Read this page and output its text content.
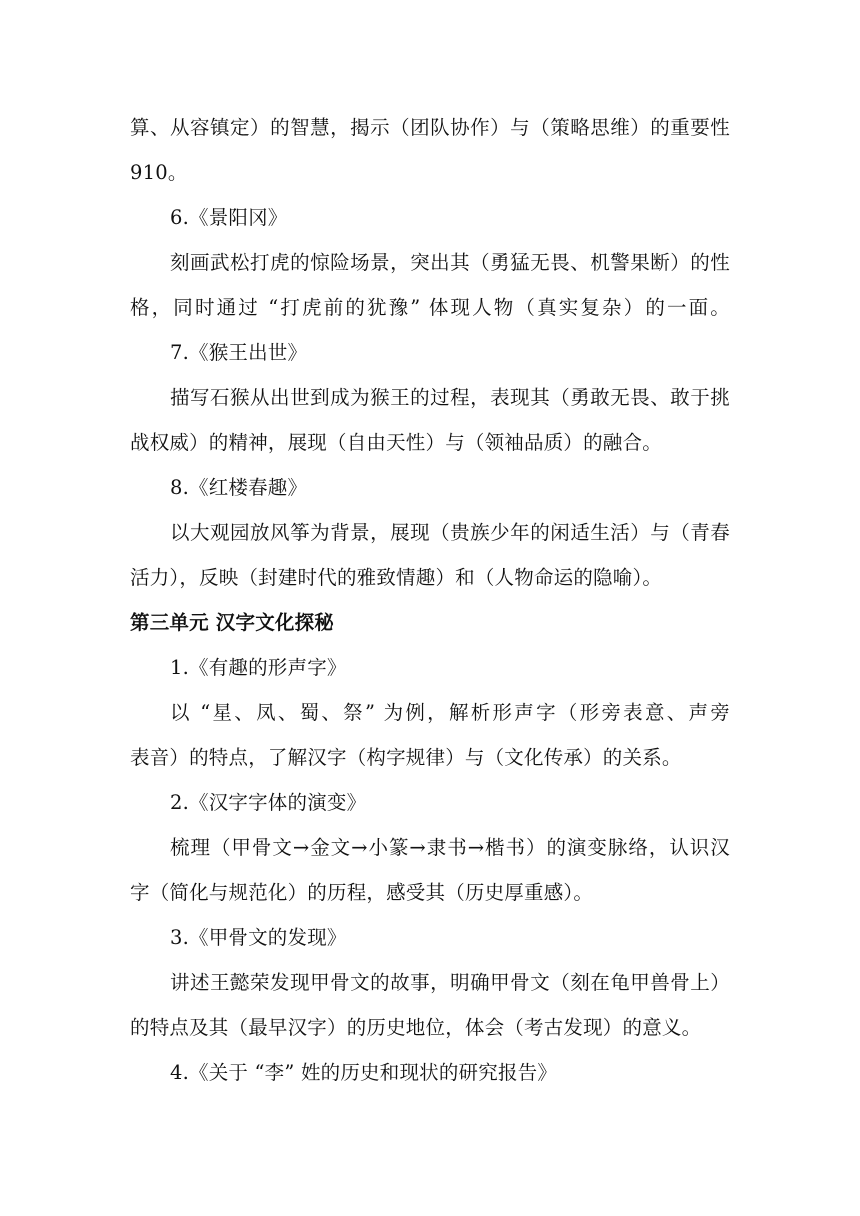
算、从容镇定）的智慧，揭示（团队协作）与（策略思维）的重要性
910。
6.《景阳冈》
刻画武松打虎的惊险场景，突出其（勇猛无畏、机警果断）的性
格，同时通过 “打虎前的犹豫” 体现人物（真实复杂）的一面。
7.《猴王出世》
描写石猴从出世到成为猴王的过程，表现其（勇敢无畏、敢于挑
战权威）的精神，展现（自由天性）与（领袖品质）的融合。
8.《红楼春趣》
以大观园放风筝为背景，展现（贵族少年的闲适生活）与（青春
活力），反映（封建时代的雅致情趣）和（人物命运的隐喻）。
第三单元 汉字文化探秘
1.《有趣的形声字》
以 “星、凤、蜀、祭” 为例，解析形声字（形旁表意、声旁
表音）的特点，了解汉字（构字规律）与（文化传承）的关系。
2.《汉字字体的演变》
梳理（甲骨文→金文→小篆→隶书→楷书）的演变脉络，认识汉
字（简化与规范化）的历程，感受其（历史厚重感）。
3.《甲骨文的发现》
讲述王懿荣发现甲骨文的故事，明确甲骨文（刻在龟甲兽骨上）
的特点及其（最早汉字）的历史地位，体会（考古发现）的意义。
4.《关于 “李” 姓的历史和现状的研究报告》
